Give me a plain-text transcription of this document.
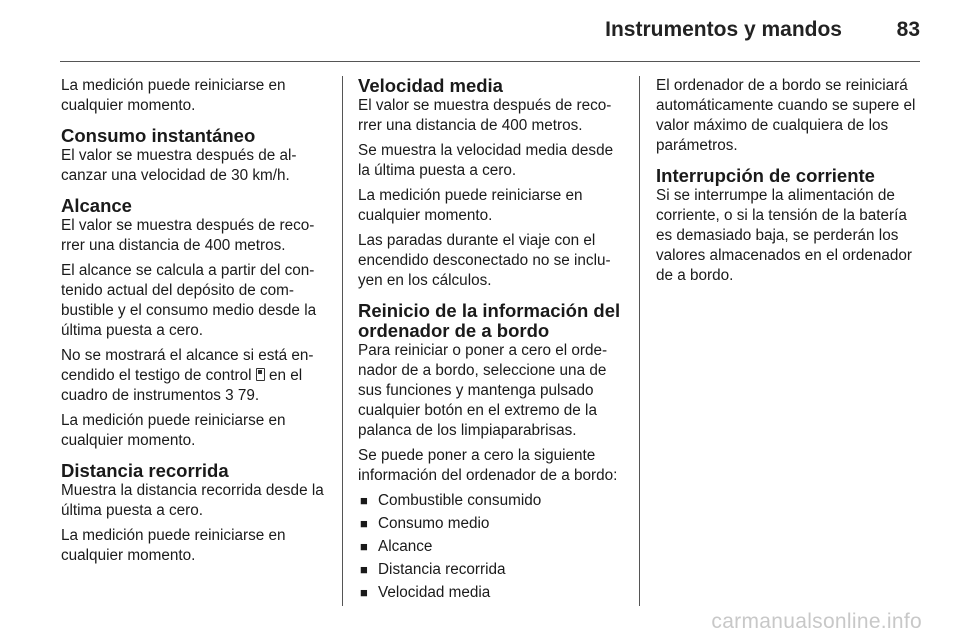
Instrumentos y mandos	83

La medición puede reiniciarse en cualquier momento.

Consumo instantáneo

El valor se muestra después de al-canzar una velocidad de 30 km/h.

Alcance

El valor se muestra después de reco-rrer una distancia de 400 metros.

El alcance se calcula a partir del con-tenido actual del depósito de com-bustible y el consumo medio desde la última puesta a cero.

No se mostrará el alcance si está en-cendido el testigo de control  en el cuadro de instrumentos 3 79.

La medición puede reiniciarse en cualquier momento.

Distancia recorrida

Muestra la distancia recorrida desde la última puesta a cero.

La medición puede reiniciarse en cualquier momento.

Velocidad media

El valor se muestra después de reco-rrer una distancia de 400 metros.

Se muestra la velocidad media desde la última puesta a cero.

La medición puede reiniciarse en cualquier momento.

Las paradas durante el viaje con el encendido desconectado no se inclu-yen en los cálculos.

Reinicio de la información del ordenador de a bordo

Para reiniciar o poner a cero el orde-nador de a bordo, seleccione una de sus funciones y mantenga pulsado cualquier botón en el extremo de la palanca de los limpiaparabrisas.

Se puede poner a cero la siguiente información del ordenador de a bordo:

■ Combustible consumido
■ Consumo medio
■ Alcance
■ Distancia recorrida
■ Velocidad media

El ordenador de a bordo se reiniciará automáticamente cuando se supere el valor máximo de cualquiera de los parámetros.

Interrupción de corriente

Si se interrumpe la alimentación de corriente, o si la tensión de la batería es demasiado baja, se perderán los valores almacenados en el ordenador de a bordo.

carmanualsonline.info
